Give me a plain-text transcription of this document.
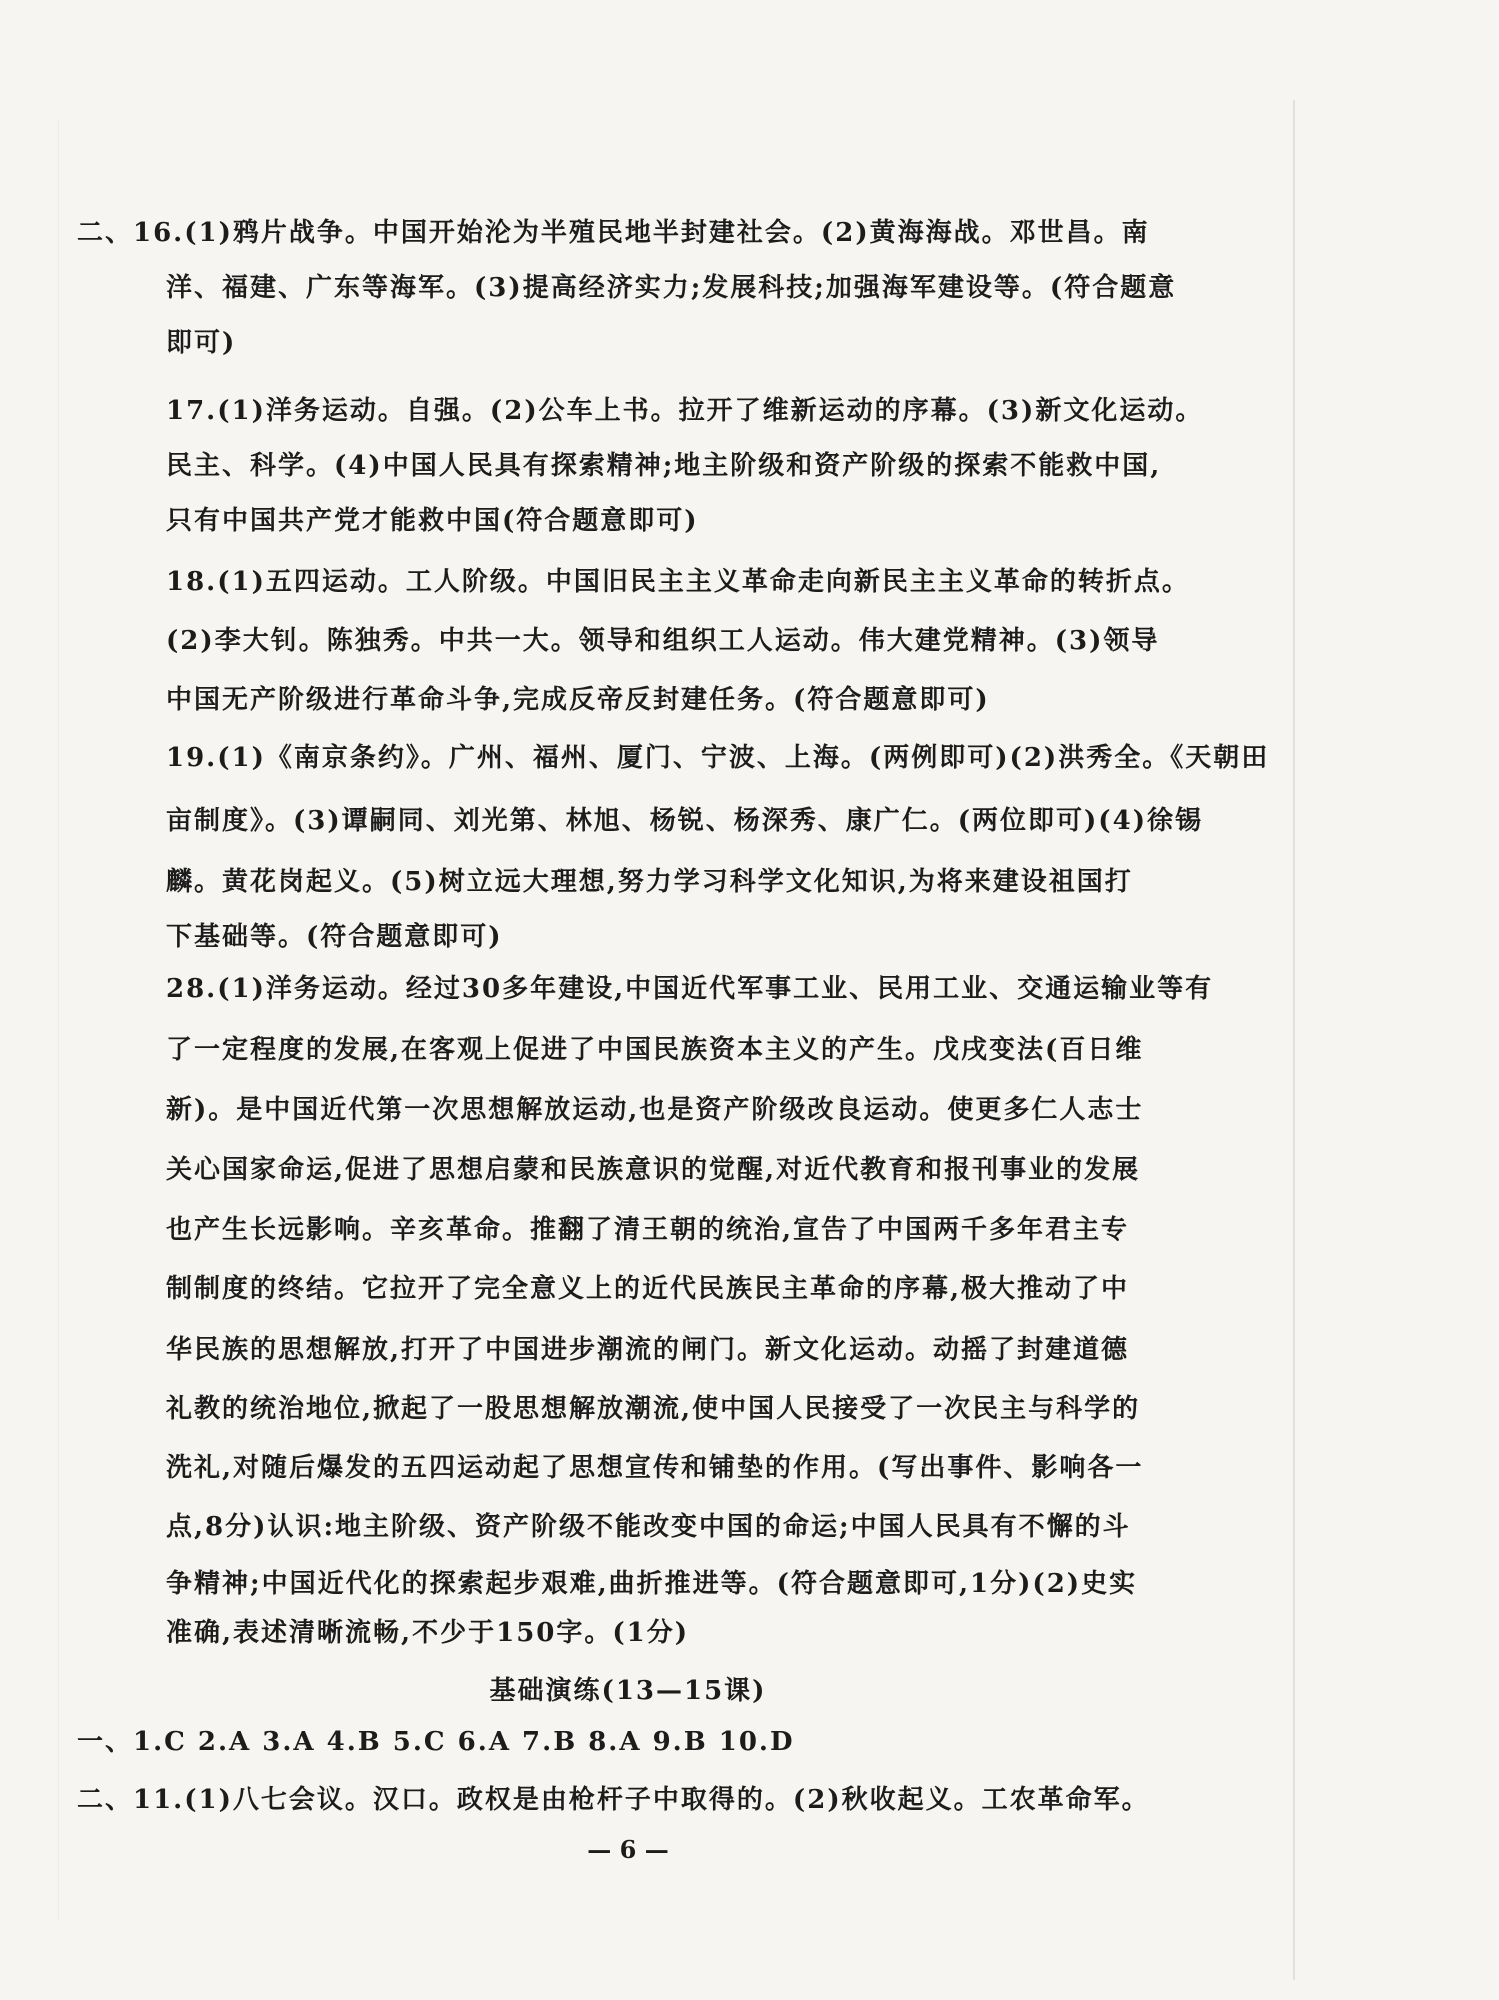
二、16.(1)鸦片战争。中国开始沦为半殖民地半封建社会。(2)黄海海战。邓世昌。南
洋、福建、广东等海军。(3)提高经济实力;发展科技;加强海军建设等。(符合题意
即可)
17.(1)洋务运动。自强。(2)公车上书。拉开了维新运动的序幕。(3)新文化运动。
民主、科学。(4)中国人民具有探索精神;地主阶级和资产阶级的探索不能救中国,
只有中国共产党才能救中国(符合题意即可)
18.(1)五四运动。工人阶级。中国旧民主主义革命走向新民主主义革命的转折点。
(2)李大钊。陈独秀。中共一大。领导和组织工人运动。伟大建党精神。(3)领导
中国无产阶级进行革命斗争,完成反帝反封建任务。(符合题意即可)
19.(1)《南京条约》。广州、福州、厦门、宁波、上海。(两例即可)(2)洪秀全。《天朝田
亩制度》。(3)谭嗣同、刘光第、林旭、杨锐、杨深秀、康广仁。(两位即可)(4)徐锡
麟。黄花岗起义。(5)树立远大理想,努力学习科学文化知识,为将来建设祖国打
下基础等。(符合题意即可)
28.(1)洋务运动。经过30多年建设,中国近代军事工业、民用工业、交通运输业等有
了一定程度的发展,在客观上促进了中国民族资本主义的产生。戊戌变法(百日维
新)。是中国近代第一次思想解放运动,也是资产阶级改良运动。使更多仁人志士
关心国家命运,促进了思想启蒙和民族意识的觉醒,对近代教育和报刊事业的发展
也产生长远影响。辛亥革命。推翻了清王朝的统治,宣告了中国两千多年君主专
制制度的终结。它拉开了完全意义上的近代民族民主革命的序幕,极大推动了中
华民族的思想解放,打开了中国进步潮流的闸门。新文化运动。动摇了封建道德
礼教的统治地位,掀起了一股思想解放潮流,使中国人民接受了一次民主与科学的
洗礼,对随后爆发的五四运动起了思想宣传和铺垫的作用。(写出事件、影响各一
点,8分)认识:地主阶级、资产阶级不能改变中国的命运;中国人民具有不懈的斗
争精神;中国近代化的探索起步艰难,曲折推进等。(符合题意即可,1分)(2)史实
准确,表述清晰流畅,不少于150字。(1分)
基础演练(13—15课)
一、1.C 2.A 3.A 4.B 5.C 6.A 7.B 8.A 9.B 10.D
二、11.(1)八七会议。汉口。政权是由枪杆子中取得的。(2)秋收起义。工农革命军。
— 6 —
